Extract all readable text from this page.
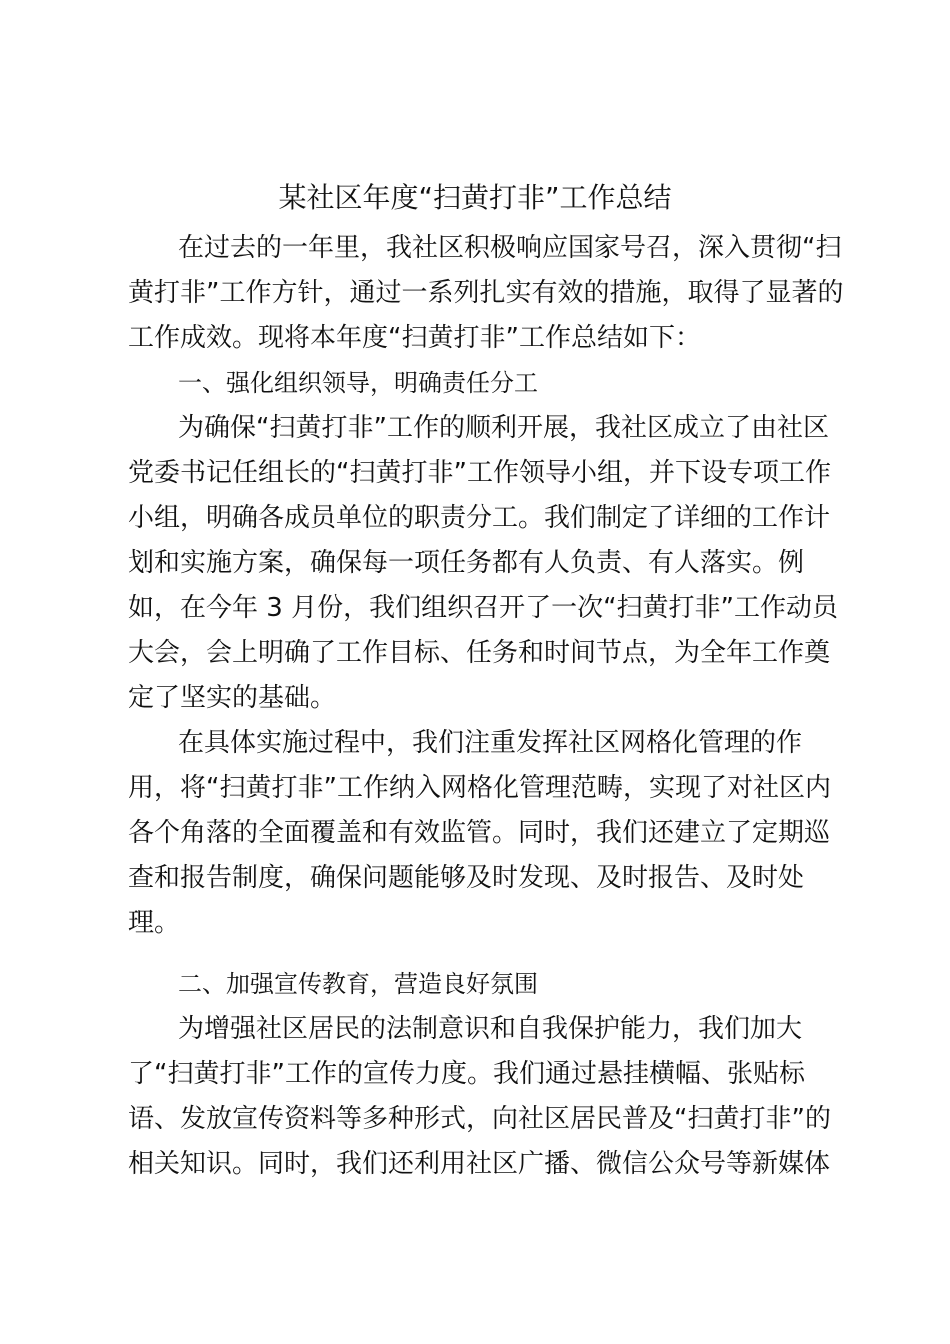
某社区年度“扫黄打非”工作总结
在过去的一年里，我社区积极响应国家号召，深入贯彻“扫
黄打非”工作方针，通过一系列扎实有效的措施，取得了显著的
工作成效。现将本年度“扫黄打非”工作总结如下：
一、强化组织领导，明确责任分工
为确保“扫黄打非”工作的顺利开展，我社区成立了由社区
党委书记任组长的“扫黄打非”工作领导小组，并下设专项工作
小组，明确各成员单位的职责分工。我们制定了详细的工作计
划和实施方案，确保每一项任务都有人负责、有人落实。例
如，在今年 3 月份，我们组织召开了一次“扫黄打非”工作动员
大会，会上明确了工作目标、任务和时间节点，为全年工作奠
定了坚实的基础。
在具体实施过程中，我们注重发挥社区网格化管理的作
用，将“扫黄打非”工作纳入网格化管理范畴，实现了对社区内
各个角落的全面覆盖和有效监管。同时，我们还建立了定期巡
查和报告制度，确保问题能够及时发现、及时报告、及时处
理。
二、加强宣传教育，营造良好氛围
为增强社区居民的法制意识和自我保护能力，我们加大
了“扫黄打非”工作的宣传力度。我们通过悬挂横幅、张贴标
语、发放宣传资料等多种形式，向社区居民普及“扫黄打非”的
相关知识。同时，我们还利用社区广播、微信公众号等新媒体
